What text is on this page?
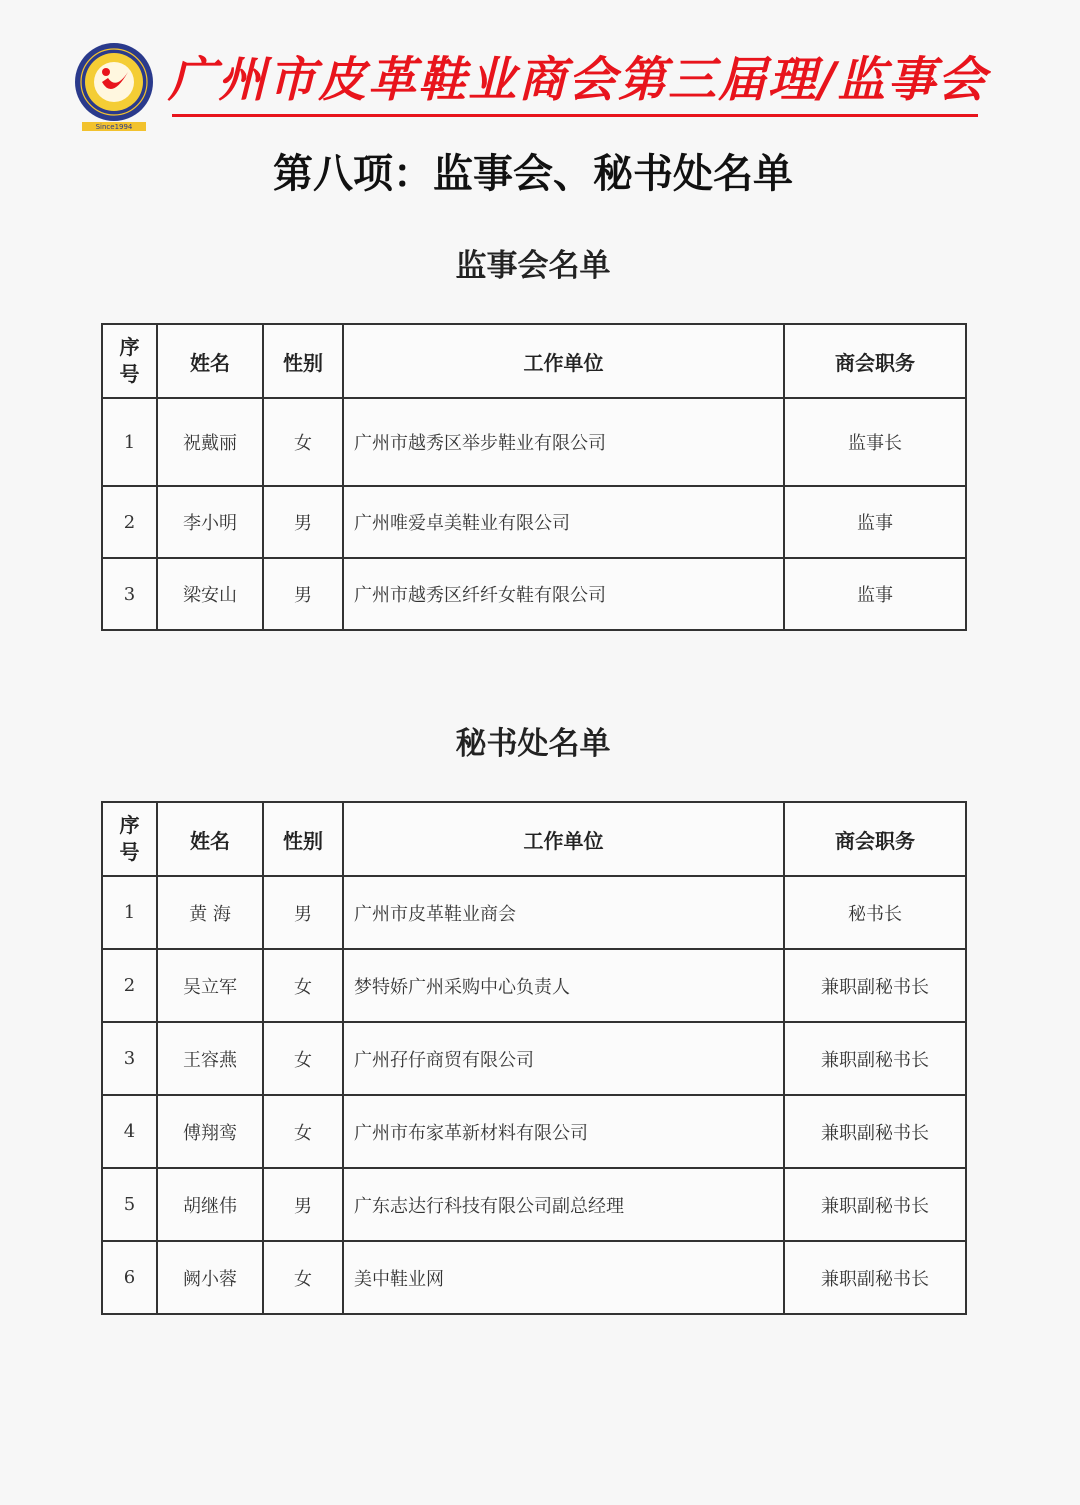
Since1994
广州市皮革鞋业商会第三届理/监事会
第八项：监事会、秘书处名单
监事会名单
序
号	姓名	性别	工作单位	商会职务
1	祝戴丽	女	广州市越秀区举步鞋业有限公司	监事长
2	李小明	男	广州唯爱卓美鞋业有限公司	监事
3	梁安山	男	广州市越秀区纤纤女鞋有限公司	监事
秘书处名单
序
号	姓名	性别	工作单位	商会职务
1	黄 海	男	广州市皮革鞋业商会	秘书长
2	吴立军	女	梦特娇广州采购中心负责人	兼职副秘书长
3	王容燕	女	广州孖仔商贸有限公司	兼职副秘书长
4	傅翔鸾	女	广州市布家革新材料有限公司	兼职副秘书长
5	胡继伟	男	广东志达行科技有限公司副总经理	兼职副秘书长
6	阙小蓉	女	美中鞋业网	兼职副秘书长
